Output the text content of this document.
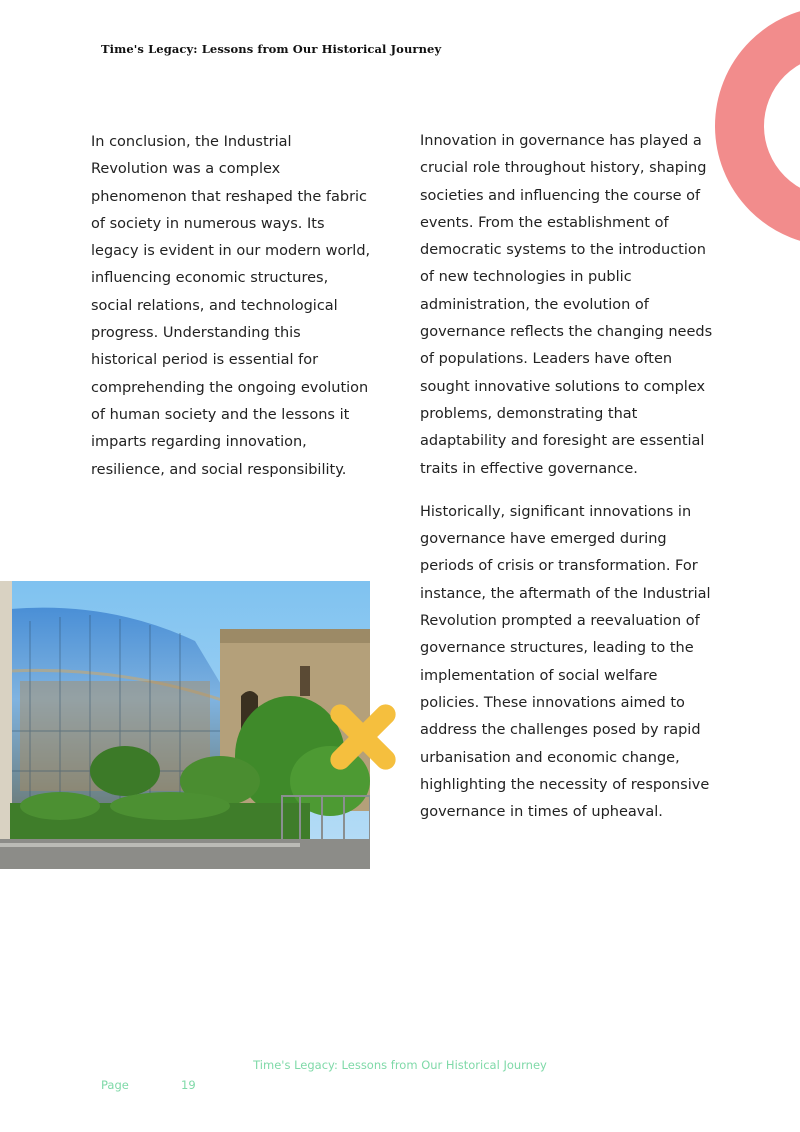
Time's Legacy: Lessons from Our Historical Journey

In conclusion, the Industrial Revolution was a complex phenomenon that reshaped the fabric of society in numerous ways. Its legacy is evident in our modern world, influencing economic structures, social relations, and technological progress. Understanding this historical period is essential for comprehending the ongoing evolution of human society and the lessons it imparts regarding innovation, resilience, and social responsibility.

Innovation in governance has played a crucial role throughout history, shaping societies and influencing the course of events. From the establishment of democratic systems to the introduction of new technologies in public administration, the evolution of governance reflects the changing needs of populations. Leaders have often sought innovative solutions to complex problems, demonstrating that adaptability and foresight are essential traits in effective governance.

Historically, significant innovations in governance have emerged during periods of crisis or transformation. For instance, the aftermath of the Industrial Revolution prompted a reevaluation of governance structures, leading to the implementation of social welfare policies. These innovations aimed to address the challenges posed by rapid urbanisation and economic change, highlighting the necessity of responsive governance in times of upheaval.

Time's Legacy: Lessons from Our Historical Journey
Page	19
